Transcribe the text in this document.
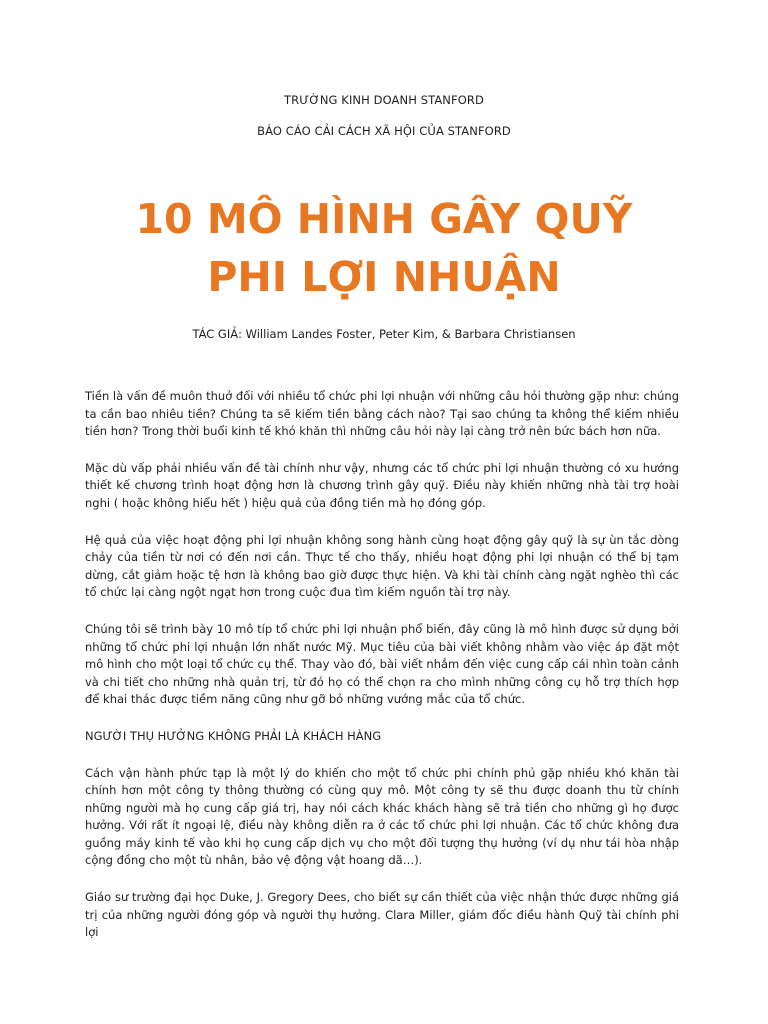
TRƯỜNG KINH DOANH STANFORD
BÁO CÁO CẢI CÁCH XÃ HỘI CỦA STANFORD
10 MÔ HÌNH GÂY QUỸ
PHI LỢI NHUẬN
TÁC GIẢ: William Landes Foster, Peter Kim, & Barbara Christiansen

Tiền là vấn đề muôn thuở đối với nhiều tổ chức phi lợi nhuận với những câu hỏi thường gặp như: chúng ta cần bao nhiêu tiền? Chúng ta sẽ kiếm tiền bằng cách nào? Tại sao chúng ta không thể kiếm nhiều tiền hơn? Trong thời buổi kinh tế khó khăn thì những câu hỏi này lại càng trở nên bức bách hơn nữa.

Mặc dù vấp phải nhiều vấn đề tài chính như vậy, nhưng các tổ chức phi lợi nhuận thường có xu hướng thiết kế chương trình hoạt động hơn là chương trình gây quỹ. Điều này khiến những nhà tài trợ hoài nghi ( hoặc không hiểu hết ) hiệu quả của đồng tiền mà họ đóng góp.

Hệ quả của việc hoạt động phi lợi nhuận không song hành cùng hoạt động gây quỹ là sự ùn tắc dòng chảy của tiền từ nơi có đến nơi cần. Thực tế cho thấy, nhiều hoạt động phi lợi nhuận có thể bị tạm dừng, cắt giảm hoặc tệ hơn là không bao giờ được thực hiện. Và khi tài chính càng ngặt nghèo thì các tổ chức lại càng ngột ngạt hơn trong cuộc đua tìm kiếm nguồn tài trợ này.

Chúng tôi sẽ trình bày 10 mô típ tổ chức phi lợi nhuận phổ biến, đây cũng là mô hình được sử dụng bởi những tổ chức phi lợi nhuận lớn nhất nước Mỹ. Mục tiêu của bài viết không nhằm vào việc áp đặt một mô hình cho một loại tổ chức cụ thể. Thay vào đó, bài viết nhắm đến việc cung cấp cái nhìn toàn cảnh và chi tiết cho những nhà quản trị, từ đó họ có thể chọn ra cho mình những công cụ hỗ trợ thích hợp để khai thác được tiềm năng cũng như gỡ bỏ những vướng mắc của tổ chức.

NGƯỜI THỤ HƯỞNG KHÔNG PHẢI LÀ KHÁCH HÀNG

Cách vận hành phức tạp là một lý do khiến cho một tổ chức phi chính phủ gặp nhiều khó khăn tài chính hơn một công ty thông thường có cùng quy mô. Một công ty sẽ thu được doanh thu từ chính những người mà họ cung cấp giá trị, hay nói cách khác khách hàng sẽ trả tiền cho những gì họ được hưởng. Với rất ít ngoại lệ, điều này không diễn ra ở các tổ chức phi lợi nhuận. Các tổ chức không đưa guồng máy kinh tế vào khi họ cung cấp dịch vụ cho một đối tượng thụ hưởng (ví dụ như tái hòa nhập cộng đồng cho một tù nhân, bảo vệ động vật hoang dã…).

Giáo sư trường đại học Duke, J. Gregory Dees, cho biết sự cần thiết của việc nhận thức được những giá trị của những người đóng góp và người thụ hưởng. Clara Miller, giám đốc điều hành Quỹ tài chính phi lợi
